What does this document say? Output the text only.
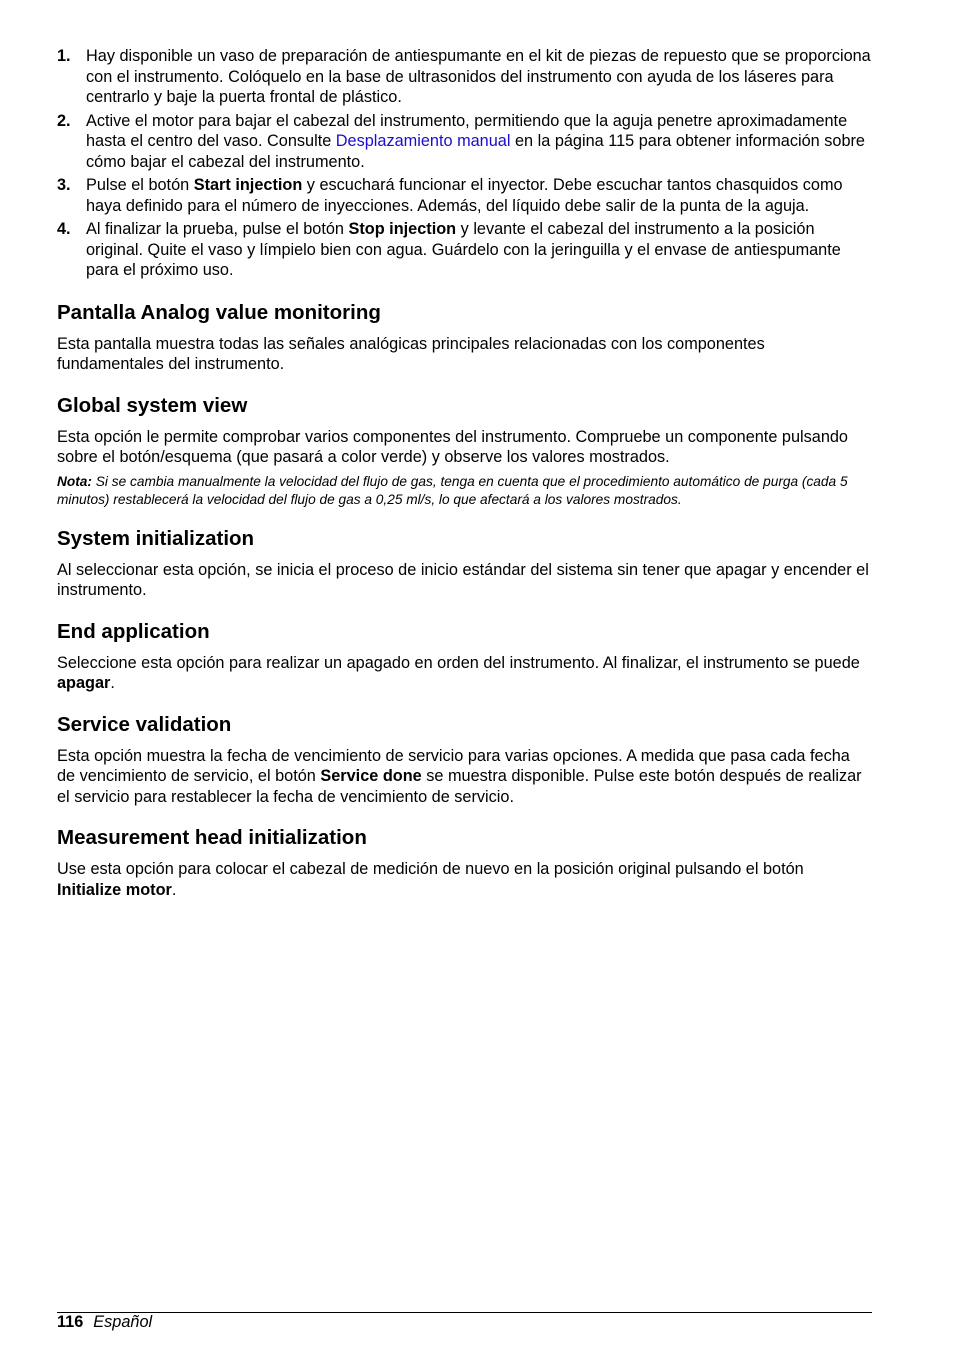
1. Hay disponible un vaso de preparación de antiespumante en el kit de piezas de repuesto que se proporciona con el instrumento. Colóquelo en la base de ultrasonidos del instrumento con ayuda de los láseres para centrarlo y baje la puerta frontal de plástico.
2. Active el motor para bajar el cabezal del instrumento, permitiendo que la aguja penetre aproximadamente hasta el centro del vaso. Consulte Desplazamiento manual en la página 115 para obtener información sobre cómo bajar el cabezal del instrumento.
3. Pulse el botón Start injection y escuchará funcionar el inyector. Debe escuchar tantos chasquidos como haya definido para el número de inyecciones. Además, del líquido debe salir de la punta de la aguja.
4. Al finalizar la prueba, pulse el botón Stop injection y levante el cabezal del instrumento a la posición original. Quite el vaso y límpielo bien con agua. Guárdelo con la jeringuilla y el envase de antiespumante para el próximo uso.
Pantalla Analog value monitoring

Esta pantalla muestra todas las señales analógicas principales relacionadas con los componentes fundamentales del instrumento.

Global system view

Esta opción le permite comprobar varios componentes del instrumento. Compruebe un componente pulsando sobre el botón/esquema (que pasará a color verde) y observe los valores mostrados.

Nota: Si se cambia manualmente la velocidad del flujo de gas, tenga en cuenta que el procedimiento automático de purga (cada 5 minutos) restablecerá la velocidad del flujo de gas a 0,25 ml/s, lo que afectará a los valores mostrados.

System initialization

Al seleccionar esta opción, se inicia el proceso de inicio estándar del sistema sin tener que apagar y encender el instrumento.

End application

Seleccione esta opción para realizar un apagado en orden del instrumento. Al finalizar, el instrumento se puede apagar.

Service validation

Esta opción muestra la fecha de vencimiento de servicio para varias opciones. A medida que pasa cada fecha de vencimiento de servicio, el botón Service done se muestra disponible. Pulse este botón después de realizar el servicio para restablecer la fecha de vencimiento de servicio.

Measurement head initialization

Use esta opción para colocar el cabezal de medición de nuevo en la posición original pulsando el botón Initialize motor.

116 Español
